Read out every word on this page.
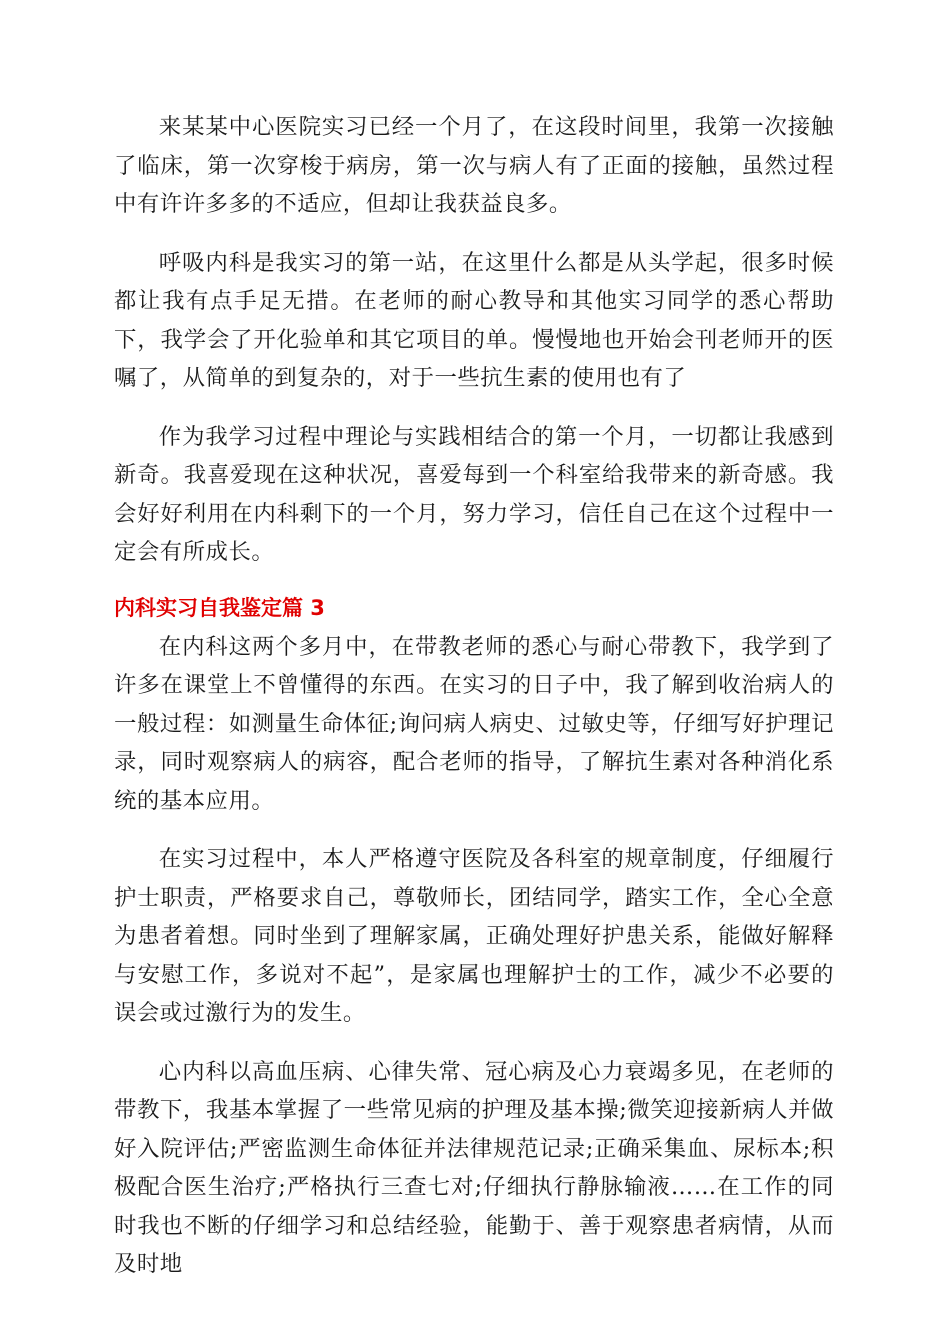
来某某中心医院实习已经一个月了，在这段时间里，我第一次接触了临床，第一次穿梭于病房，第一次与病人有了正面的接触，虽然过程中有许许多多的不适应，但却让我获益良多。

呼吸内科是我实习的第一站，在这里什么都是从头学起，很多时候都让我有点手足无措。在老师的耐心教导和其他实习同学的悉心帮助下，我学会了开化验单和其它项目的单。慢慢地也开始会刊老师开的医嘱了，从简单的到复杂的，对于一些抗生素的使用也有了

作为我学习过程中理论与实践相结合的第一个月，一切都让我感到新奇。我喜爱现在这种状况，喜爱每到一个科室给我带来的新奇感。我会好好利用在内科剩下的一个月，努力学习，信任自己在这个过程中一定会有所成长。

内科实习自我鉴定篇 3

在内科这两个多月中，在带教老师的悉心与耐心带教下，我学到了许多在课堂上不曾懂得的东西。在实习的日子中，我了解到收治病人的一般过程：如测量生命体征;询问病人病史、过敏史等，仔细写好护理记录，同时观察病人的病容，配合老师的指导，了解抗生素对各种消化系统的基本应用。

在实习过程中，本人严格遵守医院及各科室的规章制度，仔细履行护士职责，严格要求自己，尊敬师长，团结同学，踏实工作，全心全意为患者着想。同时坐到了理解家属，正确处理好护患关系，能做好解释与安慰工作，多说对不起”，是家属也理解护士的工作，减少不必要的误会或过激行为的发生。

心内科以高血压病、心律失常、冠心病及心力衰竭多见，在老师的带教下，我基本掌握了一些常见病的护理及基本操;微笑迎接新病人并做好入院评估;严密监测生命体征并法律规范记录;正确采集血、尿标本;积极配合医生治疗;严格执行三查七对;仔细执行静脉输液……在工作的同时我也不断的仔细学习和总结经验，能勤于、善于观察患者病情，从而及时地
